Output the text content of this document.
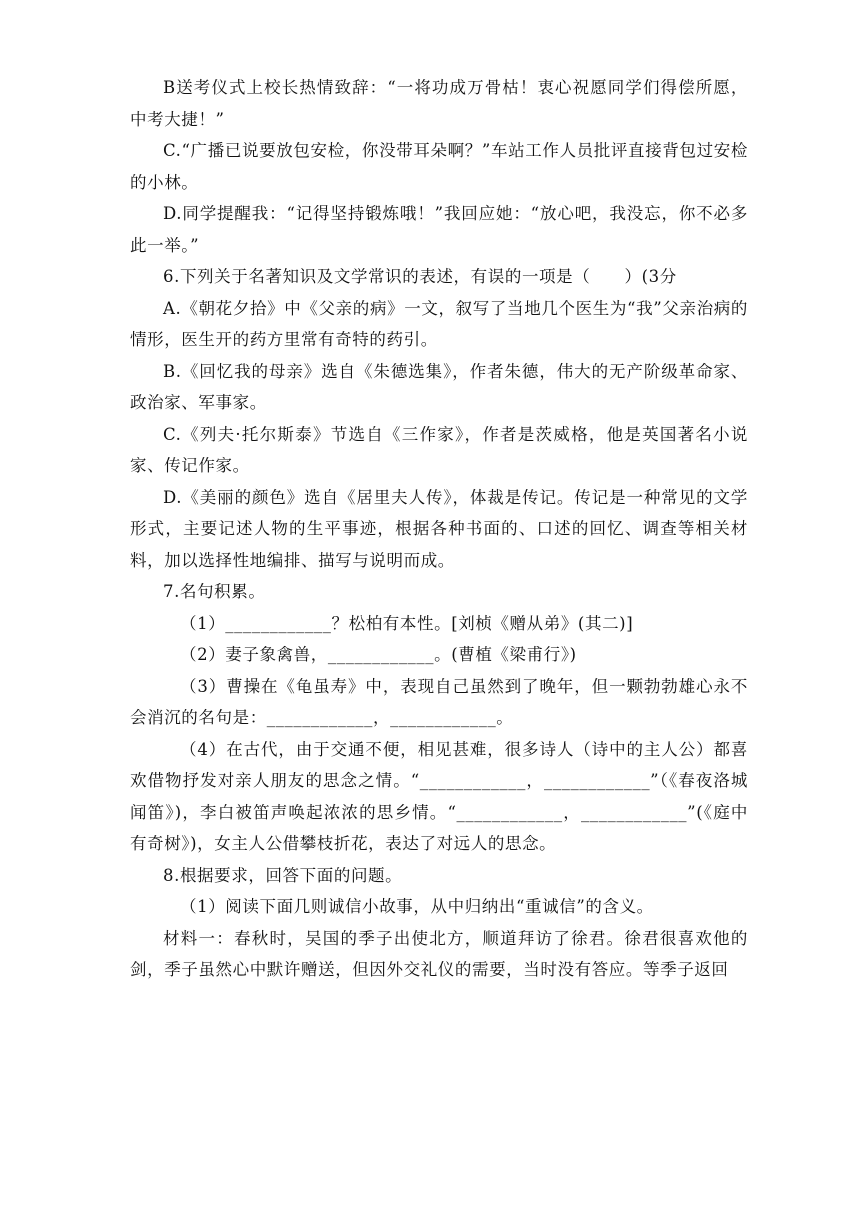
B送考仪式上校长热情致辞：“一将功成万骨枯！衷心祝愿同学们得偿所愿，中考大捷！”

C.“广播已说要放包安检，你没带耳朵啊？”车站工作人员批评直接背包过安检的小林。

D.同学提醒我：“记得坚持锻炼哦！”我回应她：“放心吧，我没忘，你不必多此一举。”

6.下列关于名著知识及文学常识的表述，有误的一项是（　　）(3分

A.《朝花夕拾》中《父亲的病》一文，叙写了当地几个医生为“我”父亲治病的情形，医生开的药方里常有奇特的药引。

B.《回忆我的母亲》选自《朱德选集》，作者朱德，伟大的无产阶级革命家、政治家、军事家。

C.《列夫·托尔斯泰》节选自《三作家》，作者是茨威格，他是英国著名小说家、传记作家。

D.《美丽的颜色》选自《居里夫人传》，体裁是传记。传记是一种常见的文学形式，主要记述人物的生平事迹，根据各种书面的、口述的回忆、调查等相关材料，加以选择性地编排、描写与说明而成。

7.名句积累。

（1）____________？松柏有本性。[刘桢《赠从弟》(其二)]

（2）妻子象禽兽，____________。(曹植《梁甫行》)

（3）曹操在《龟虽寿》中，表现自己虽然到了晚年，但一颗勃勃雄心永不会消沉的名句是：____________，____________。

（4）在古代，由于交通不便，相见甚难，很多诗人（诗中的主人公）都喜欢借物抒发对亲人朋友的思念之情。“____________，____________”（《春夜洛城闻笛》)，李白被笛声唤起浓浓的思乡情。“____________，____________”(《庭中有奇树》)，女主人公借攀枝折花，表达了对远人的思念。

8.根据要求，回答下面的问题。

（1）阅读下面几则诚信小故事，从中归纳出“重诚信”的含义。

材料一：春秋时，吴国的季子出使北方，顺道拜访了徐君。徐君很喜欢他的剑，季子虽然心中默许赠送，但因外交礼仪的需要，当时没有答应。等季子返回
